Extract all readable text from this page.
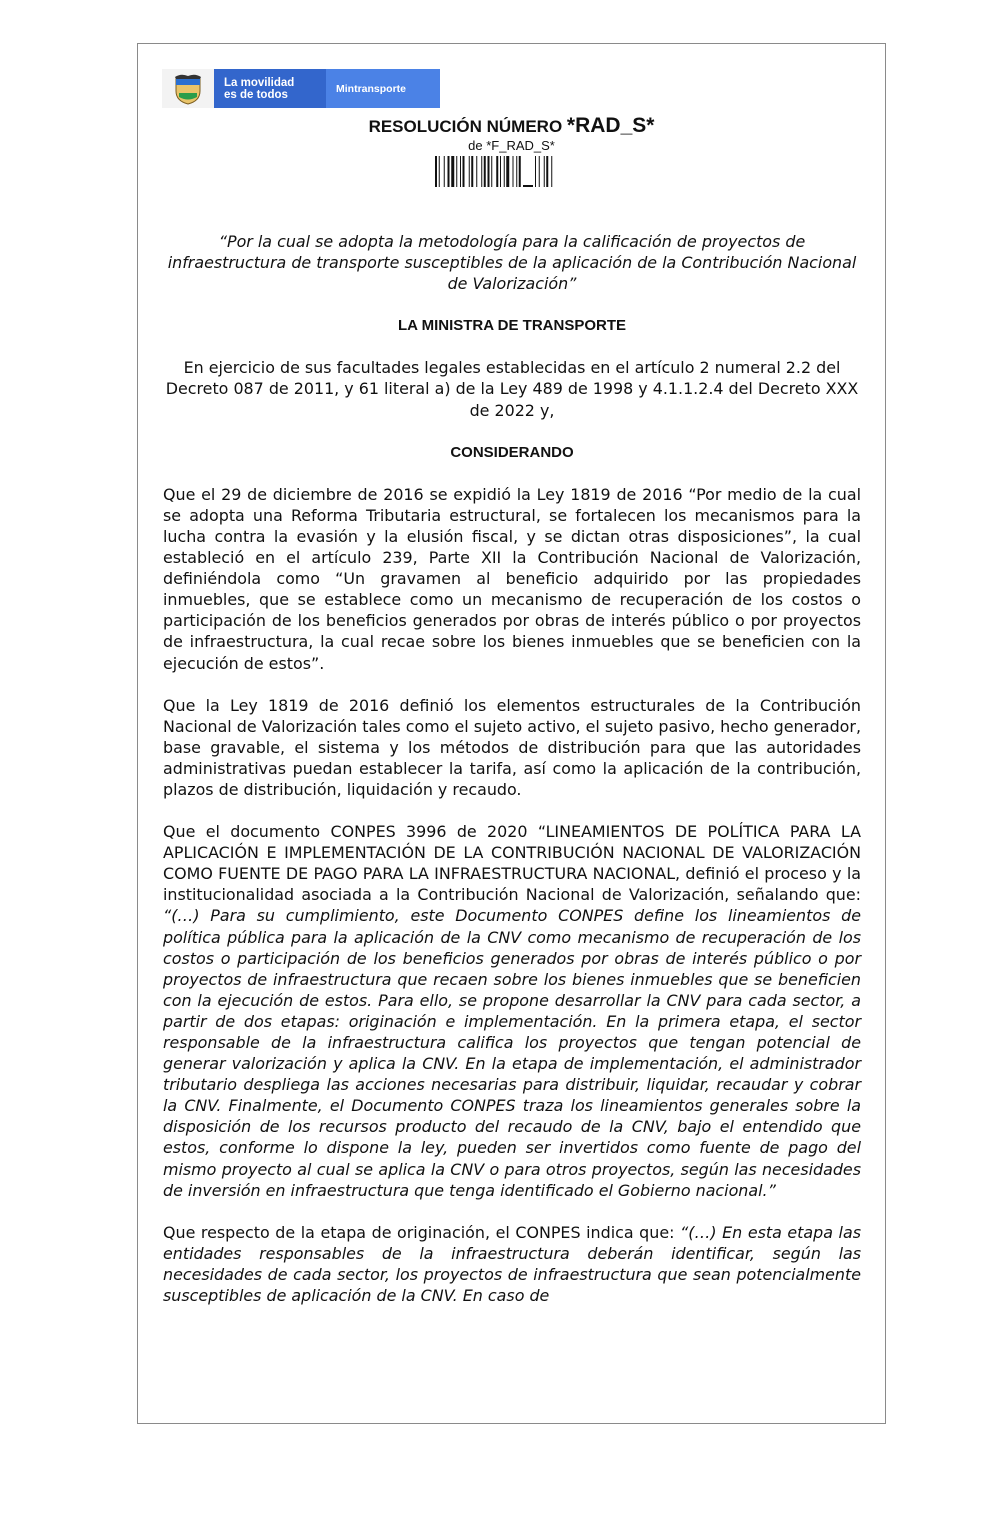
La movilidad
es de todos	Mintransporte
RESOLUCIÓN NÚMERO *RAD_S*
de *F_RAD_S*

“Por la cual se adopta la metodología para la calificación de proyectos de infraestructura de transporte susceptibles de la aplicación de la Contribución Nacional de Valorización”

LA MINISTRA DE TRANSPORTE

En ejercicio de sus facultades legales establecidas en el artículo 2 numeral 2.2 del Decreto 087 de 2011, y 61 literal a) de la Ley 489 de 1998 y 4.1.1.2.4 del Decreto XXX de 2022 y,

CONSIDERANDO

Que el 29 de diciembre de 2016 se expidió la Ley 1819 de 2016 “Por medio de la cual se adopta una Reforma Tributaria estructural, se fortalecen los mecanismos para la lucha contra la evasión y la elusión fiscal, y se dictan otras disposiciones”, la cual estableció en el artículo 239, Parte XII la Contribución Nacional de Valorización, definiéndola como “Un gravamen al beneficio adquirido por las propiedades inmuebles, que se establece como un mecanismo de recuperación de los costos o participación de los beneficios generados por obras de interés público o por proyectos de infraestructura, la cual recae sobre los bienes inmuebles que se beneficien con la ejecución de estos”.

Que la Ley 1819 de 2016 definió los elementos estructurales de la Contribución Nacional de Valorización tales como el sujeto activo, el sujeto pasivo, hecho generador, base gravable, el sistema y los métodos de distribución para que las autoridades administrativas puedan establecer la tarifa, así como la aplicación de la contribución, plazos de distribución, liquidación y recaudo.

Que el documento CONPES 3996 de 2020 “LINEAMIENTOS DE POLÍTICA PARA LA APLICACIÓN E IMPLEMENTACIÓN DE LA CONTRIBUCIÓN NACIONAL DE VALORIZACIÓN COMO FUENTE DE PAGO PARA LA INFRAESTRUCTURA NACIONAL, definió el proceso y la institucionalidad asociada a la Contribución Nacional de Valorización, señalando que: “(…) Para su cumplimiento, este Documento CONPES define los lineamientos de política pública para la aplicación de la CNV como mecanismo de recuperación de los costos o participación de los beneficios generados por obras de interés público o por proyectos de infraestructura que recaen sobre los bienes inmuebles que se beneficien con la ejecución de estos. Para ello, se propone desarrollar la CNV para cada sector, a partir de dos etapas: originación e implementación. En la primera etapa, el sector responsable de la infraestructura califica los proyectos que tengan potencial de generar valorización y aplica la CNV. En la etapa de implementación, el administrador tributario despliega las acciones necesarias para distribuir, liquidar, recaudar y cobrar la CNV. Finalmente, el Documento CONPES traza los lineamientos generales sobre la disposición de los recursos producto del recaudo de la CNV, bajo el entendido que estos, conforme lo dispone la ley, pueden ser invertidos como fuente de pago del mismo proyecto al cual se aplica la CNV o para otros proyectos, según las necesidades de inversión en infraestructura que tenga identificado el Gobierno nacional.”

Que respecto de la etapa de originación, el CONPES indica que: “(…) En esta etapa las entidades responsables de la infraestructura deberán identificar, según las necesidades de cada sector, los proyectos de infraestructura que sean potencialmente susceptibles de aplicación de la CNV. En caso de
